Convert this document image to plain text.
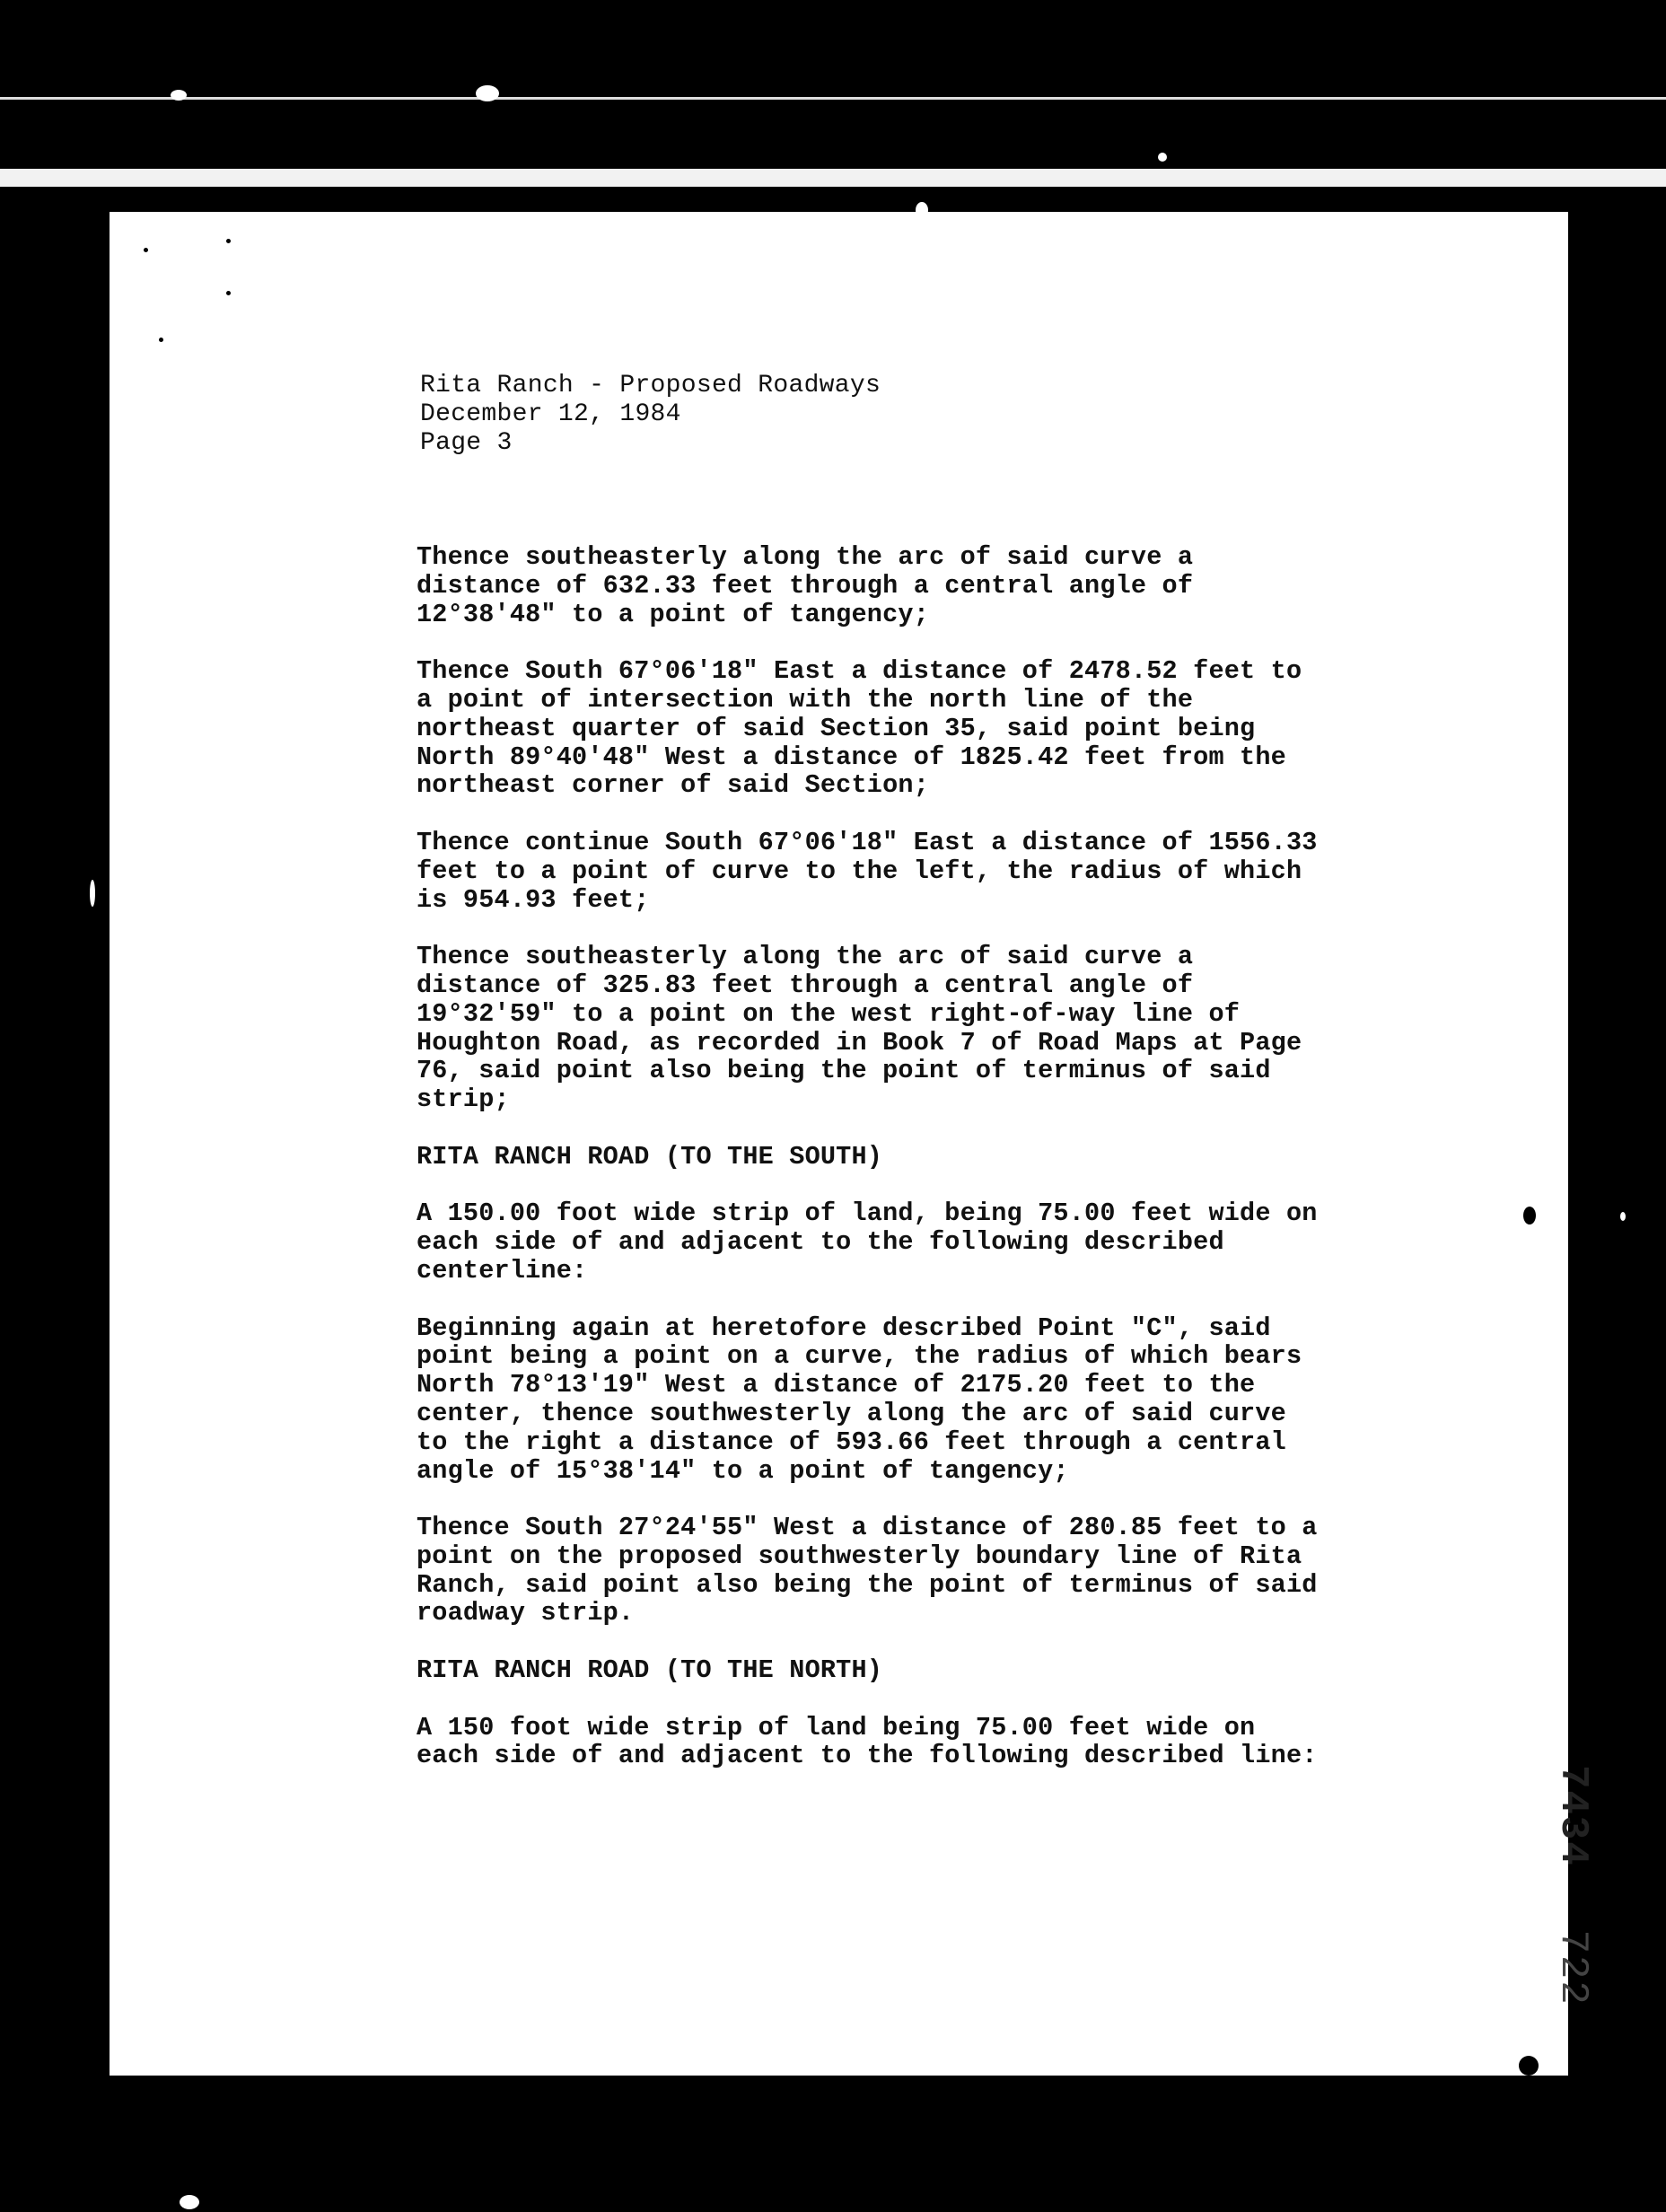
Rita Ranch - Proposed Roadways
December 12, 1984
Page 3

Thence southeasterly along the arc of said curve a
distance of 632.33 feet through a central angle of
12°38'48" to a point of tangency;

Thence South 67°06'18" East a distance of 2478.52 feet to
a point of intersection with the north line of the
northeast quarter of said Section 35, said point being
North 89°40'48" West a distance of 1825.42 feet from the
northeast corner of said Section;

Thence continue South 67°06'18" East a distance of 1556.33
feet to a point of curve to the left, the radius of which
is 954.93 feet;

Thence southeasterly along the arc of said curve a
distance of 325.83 feet through a central angle of
19°32'59" to a point on the west right-of-way line of
Houghton Road, as recorded in Book 7 of Road Maps at Page
76, said point also being the point of terminus of said
strip;

RITA RANCH ROAD (TO THE SOUTH)

A 150.00 foot wide strip of land, being 75.00 feet wide on
each side of and adjacent to the following described
centerline:

Beginning again at heretofore described Point "C", said
point being a point on a curve, the radius of which bears
North 78°13'19" West a distance of 2175.20 feet to the
center, thence southwesterly along the arc of said curve
to the right a distance of 593.66 feet through a central
angle of 15°38'14" to a point of tangency;

Thence South 27°24'55" West a distance of 280.85 feet to a
point on the proposed southwesterly boundary line of Rita
Ranch, said point also being the point of terminus of said
roadway strip.

RITA RANCH ROAD (TO THE NORTH)

A 150 foot wide strip of land being 75.00 feet wide on
each side of and adjacent to the following described line:

7434722
